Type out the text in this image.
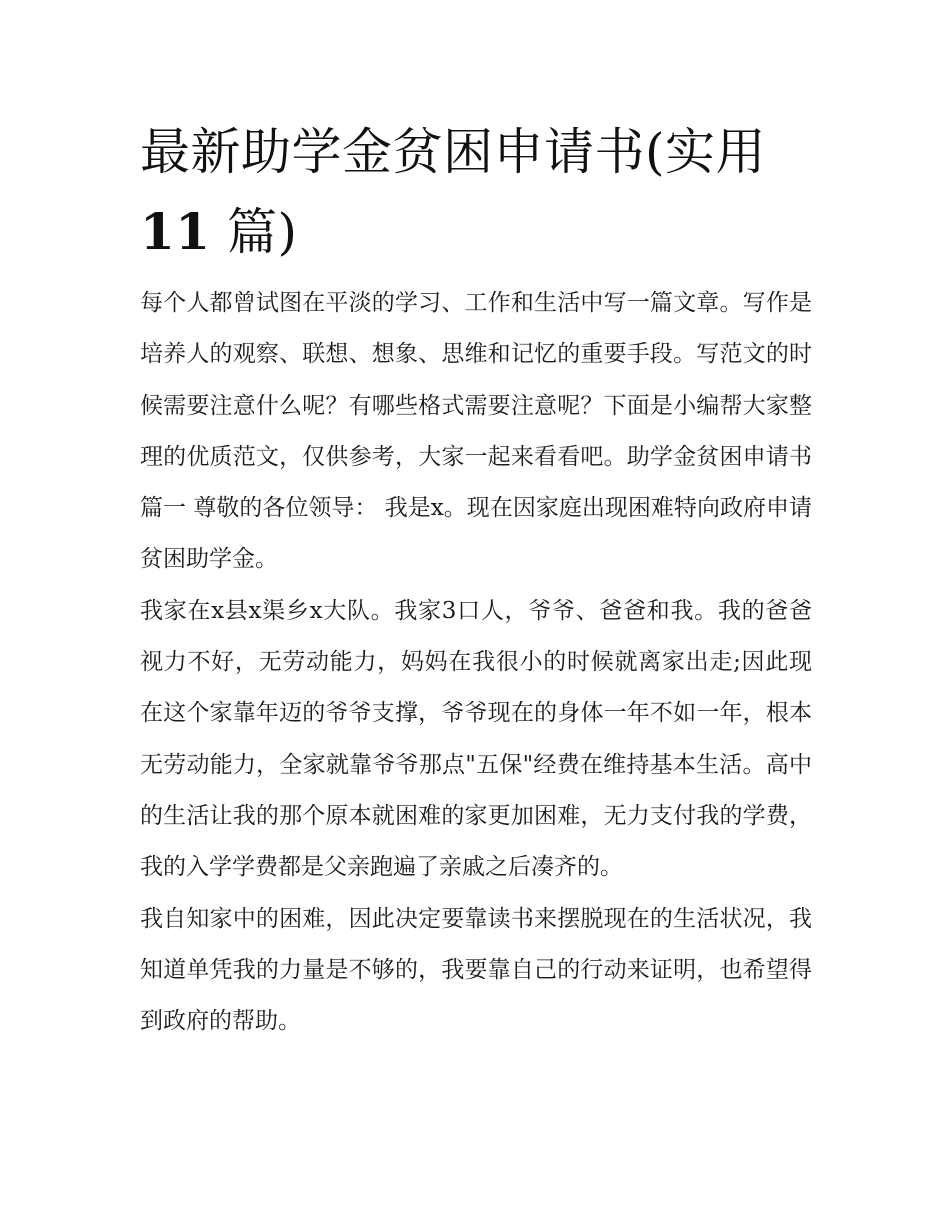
最新助学金贫困申请书(实用
11 篇)

每个人都曾试图在平淡的学习、工作和生活中写一篇文章。写作是培养人的观察、联想、想象、思维和记忆的重要手段。写范文的时候需要注意什么呢？有哪些格式需要注意呢？下面是小编帮大家整理的优质范文，仅供参考，大家一起来看看吧。助学金贫困申请书篇一 尊敬的各位领导： 我是x。现在因家庭出现困难特向政府申请贫困助学金。

我家在x县x渠乡x大队。我家3口人，爷爷、爸爸和我。我的爸爸视力不好，无劳动能力，妈妈在我很小的时候就离家出走;因此现在这个家靠年迈的爷爷支撑，爷爷现在的身体一年不如一年，根本无劳动能力，全家就靠爷爷那点"五保"经费在维持基本生活。高中的生活让我的那个原本就困难的家更加困难，无力支付我的学费，我的入学学费都是父亲跑遍了亲戚之后凑齐的。

我自知家中的困难，因此决定要靠读书来摆脱现在的生活状况，我知道单凭我的力量是不够的，我要靠自己的行动来证明，也希望得到政府的帮助。
